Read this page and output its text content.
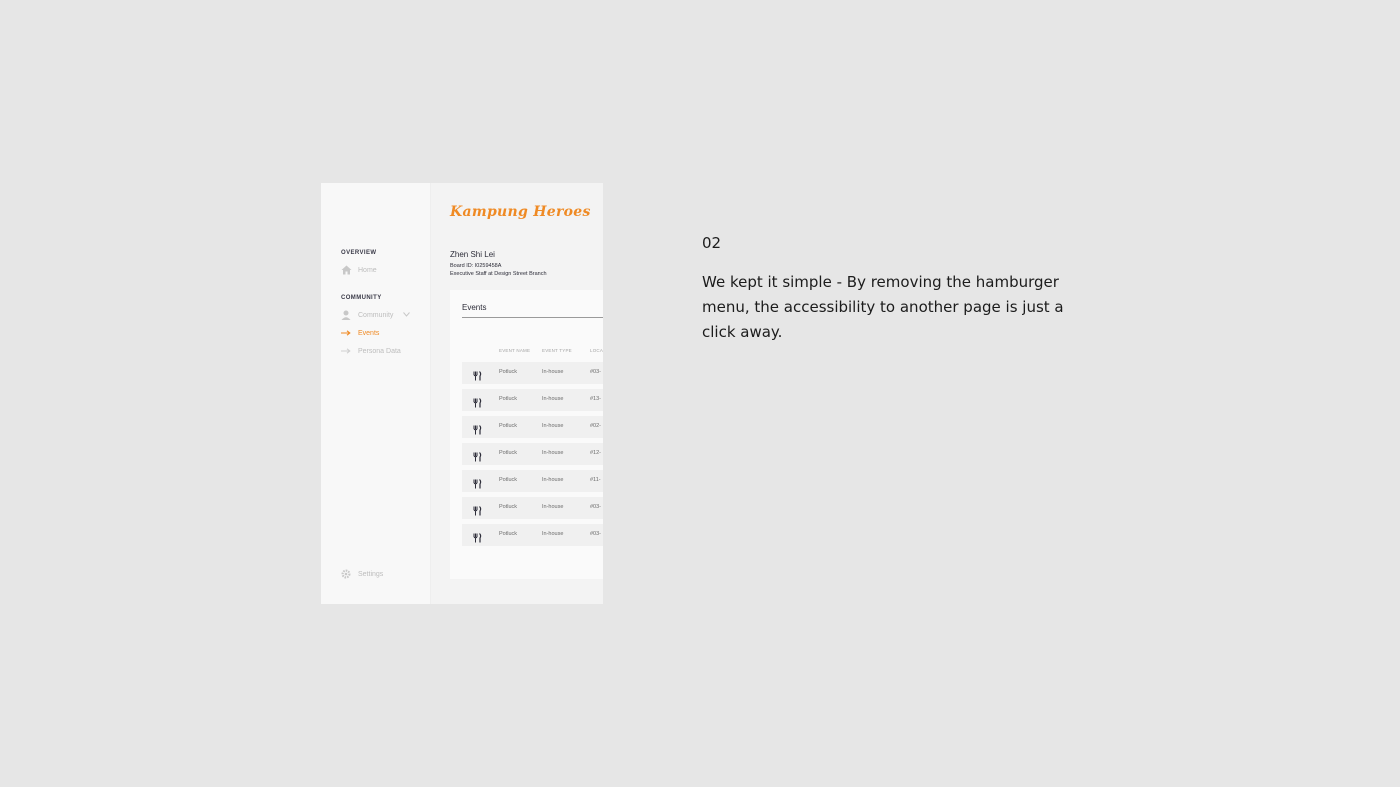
OVERVIEW
Home
COMMUNITY
Community
Events
Persona Data
Settings
Kampung Heroes
Zhen Shi Lei
Board ID: I0259458A
Executive Staff at Design Street Branch
Events
EVENT NAME	EVENT TYPE	LOCA
Potluck	In-house	#03-
Potluck	In-house	#13-
Potluck	In-house	#02-
Potluck	In-house	#12-
Potluck	In-house	#11-
Potluck	In-house	#03-
Potluck	In-house	#03-
02
We kept it simple - By removing the hamburger menu, the accessibility to another page is just a click away.
